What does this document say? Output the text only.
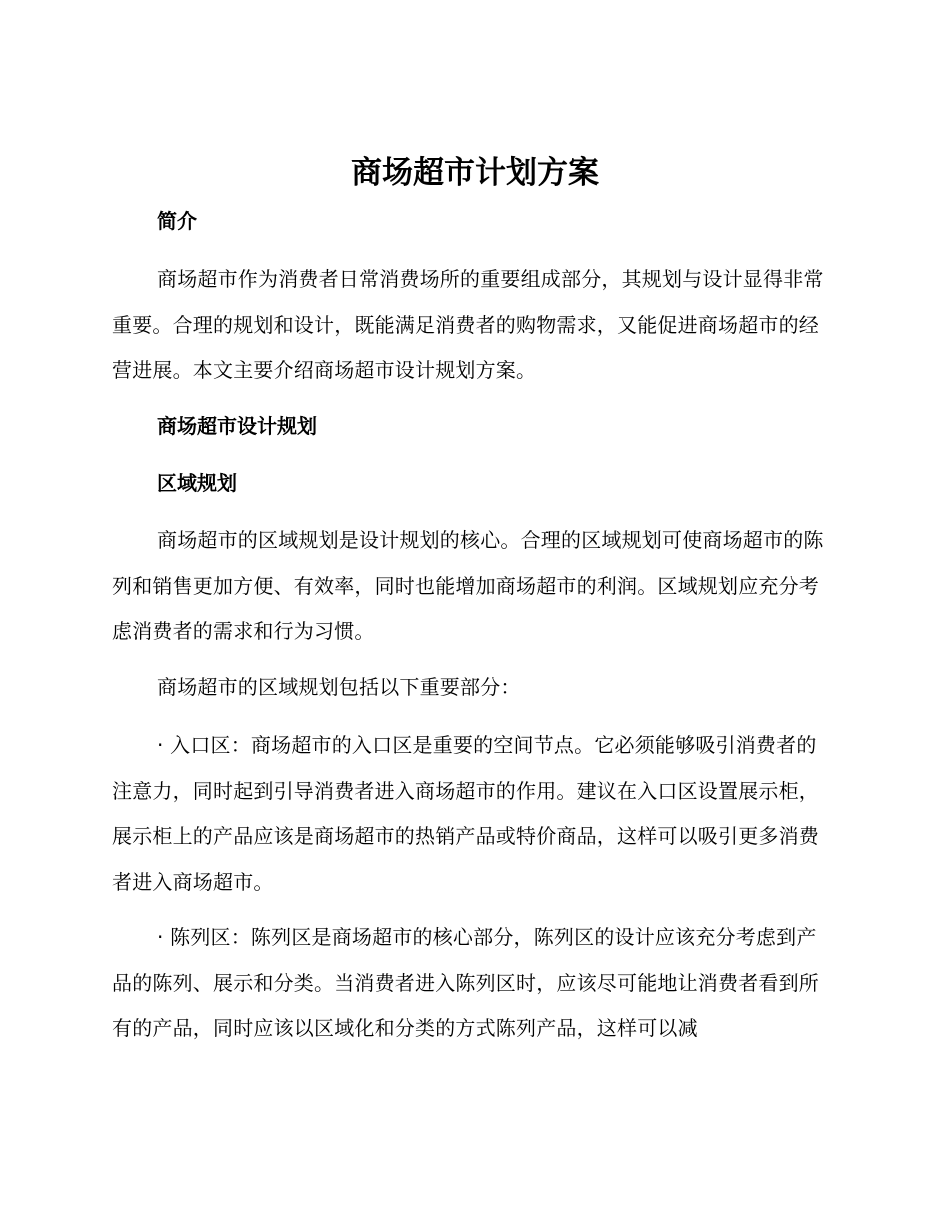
商场超市计划方案
简介
商场超市作为消费者日常消费场所的重要组成部分，其规划与设计显得非常重要。合理的规划和设计，既能满足消费者的购物需求，又能促进商场超市的经营进展。本文主要介绍商场超市设计规划方案。
商场超市设计规划
区域规划
商场超市的区域规划是设计规划的核心。合理的区域规划可使商场超市的陈列和销售更加方便、有效率，同时也能增加商场超市的利润。区域规划应充分考虑消费者的需求和行为习惯。
商场超市的区域规划包括以下重要部分：
· 入口区：商场超市的入口区是重要的空间节点。它必须能够吸引消费者的注意力，同时起到引导消费者进入商场超市的作用。建议在入口区设置展示柜，展示柜上的产品应该是商场超市的热销产品或特价商品，这样可以吸引更多消费者进入商场超市。
· 陈列区：陈列区是商场超市的核心部分，陈列区的设计应该充分考虑到产品的陈列、展示和分类。当消费者进入陈列区时，应该尽可能地让消费者看到所有的产品，同时应该以区域化和分类的方式陈列产品，这样可以减
